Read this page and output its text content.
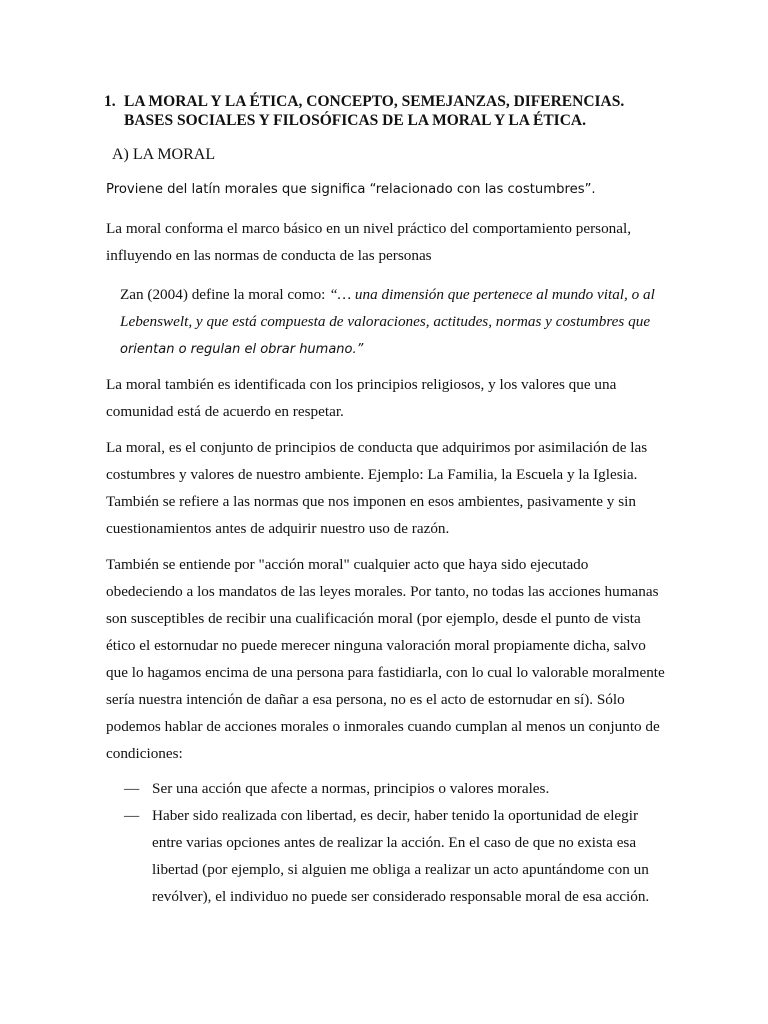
1. LA MORAL Y LA ÉTICA, CONCEPTO, SEMEJANZAS, DIFERENCIAS.
BASES SOCIALES Y FILOSÓFICAS DE LA MORAL Y LA ÉTICA.
A) LA MORAL
Proviene del latín morales que significa “relacionado con las costumbres”.
La moral conforma el marco básico en un nivel práctico del comportamiento personal,
influyendo en las normas de conducta de las personas
Zan (2004) define la moral como: “… una dimensión que pertenece al mundo vital, o al
Lebenswelt, y que está compuesta de valoraciones, actitudes, normas y costumbres que
orientan o regulan el obrar humano.”
La moral también es identificada con los principios religiosos, y los valores que una
comunidad está de acuerdo en respetar.
La moral, es el conjunto de principios de conducta que adquirimos por asimilación de las
costumbres y valores de nuestro ambiente. Ejemplo: La Familia, la Escuela y la Iglesia.
También se refiere a las normas que nos imponen en esos ambientes, pasivamente y sin
cuestionamientos antes de adquirir nuestro uso de razón.
También se entiende por "acción moral" cualquier acto que haya sido ejecutado
obedeciendo a los mandatos de las leyes morales. Por tanto, no todas las acciones humanas
son susceptibles de recibir una cualificación moral (por ejemplo, desde el punto de vista
ético el estornudar no puede merecer ninguna valoración moral propiamente dicha, salvo
que lo hagamos encima de una persona para fastidiarla, con lo cual lo valorable moralmente
sería nuestra intención de dañar a esa persona, no es el acto de estornudar en sí). Sólo
podemos hablar de acciones morales o inmorales cuando cumplan al menos un conjunto de
condiciones:
— Ser una acción que afecte a normas, principios o valores morales.
— Haber sido realizada con libertad, es decir, haber tenido la oportunidad de elegir
entre varias opciones antes de realizar la acción. En el caso de que no exista esa
libertad (por ejemplo, si alguien me obliga a realizar un acto apuntándome con un
revólver), el individuo no puede ser considerado responsable moral de esa acción.
